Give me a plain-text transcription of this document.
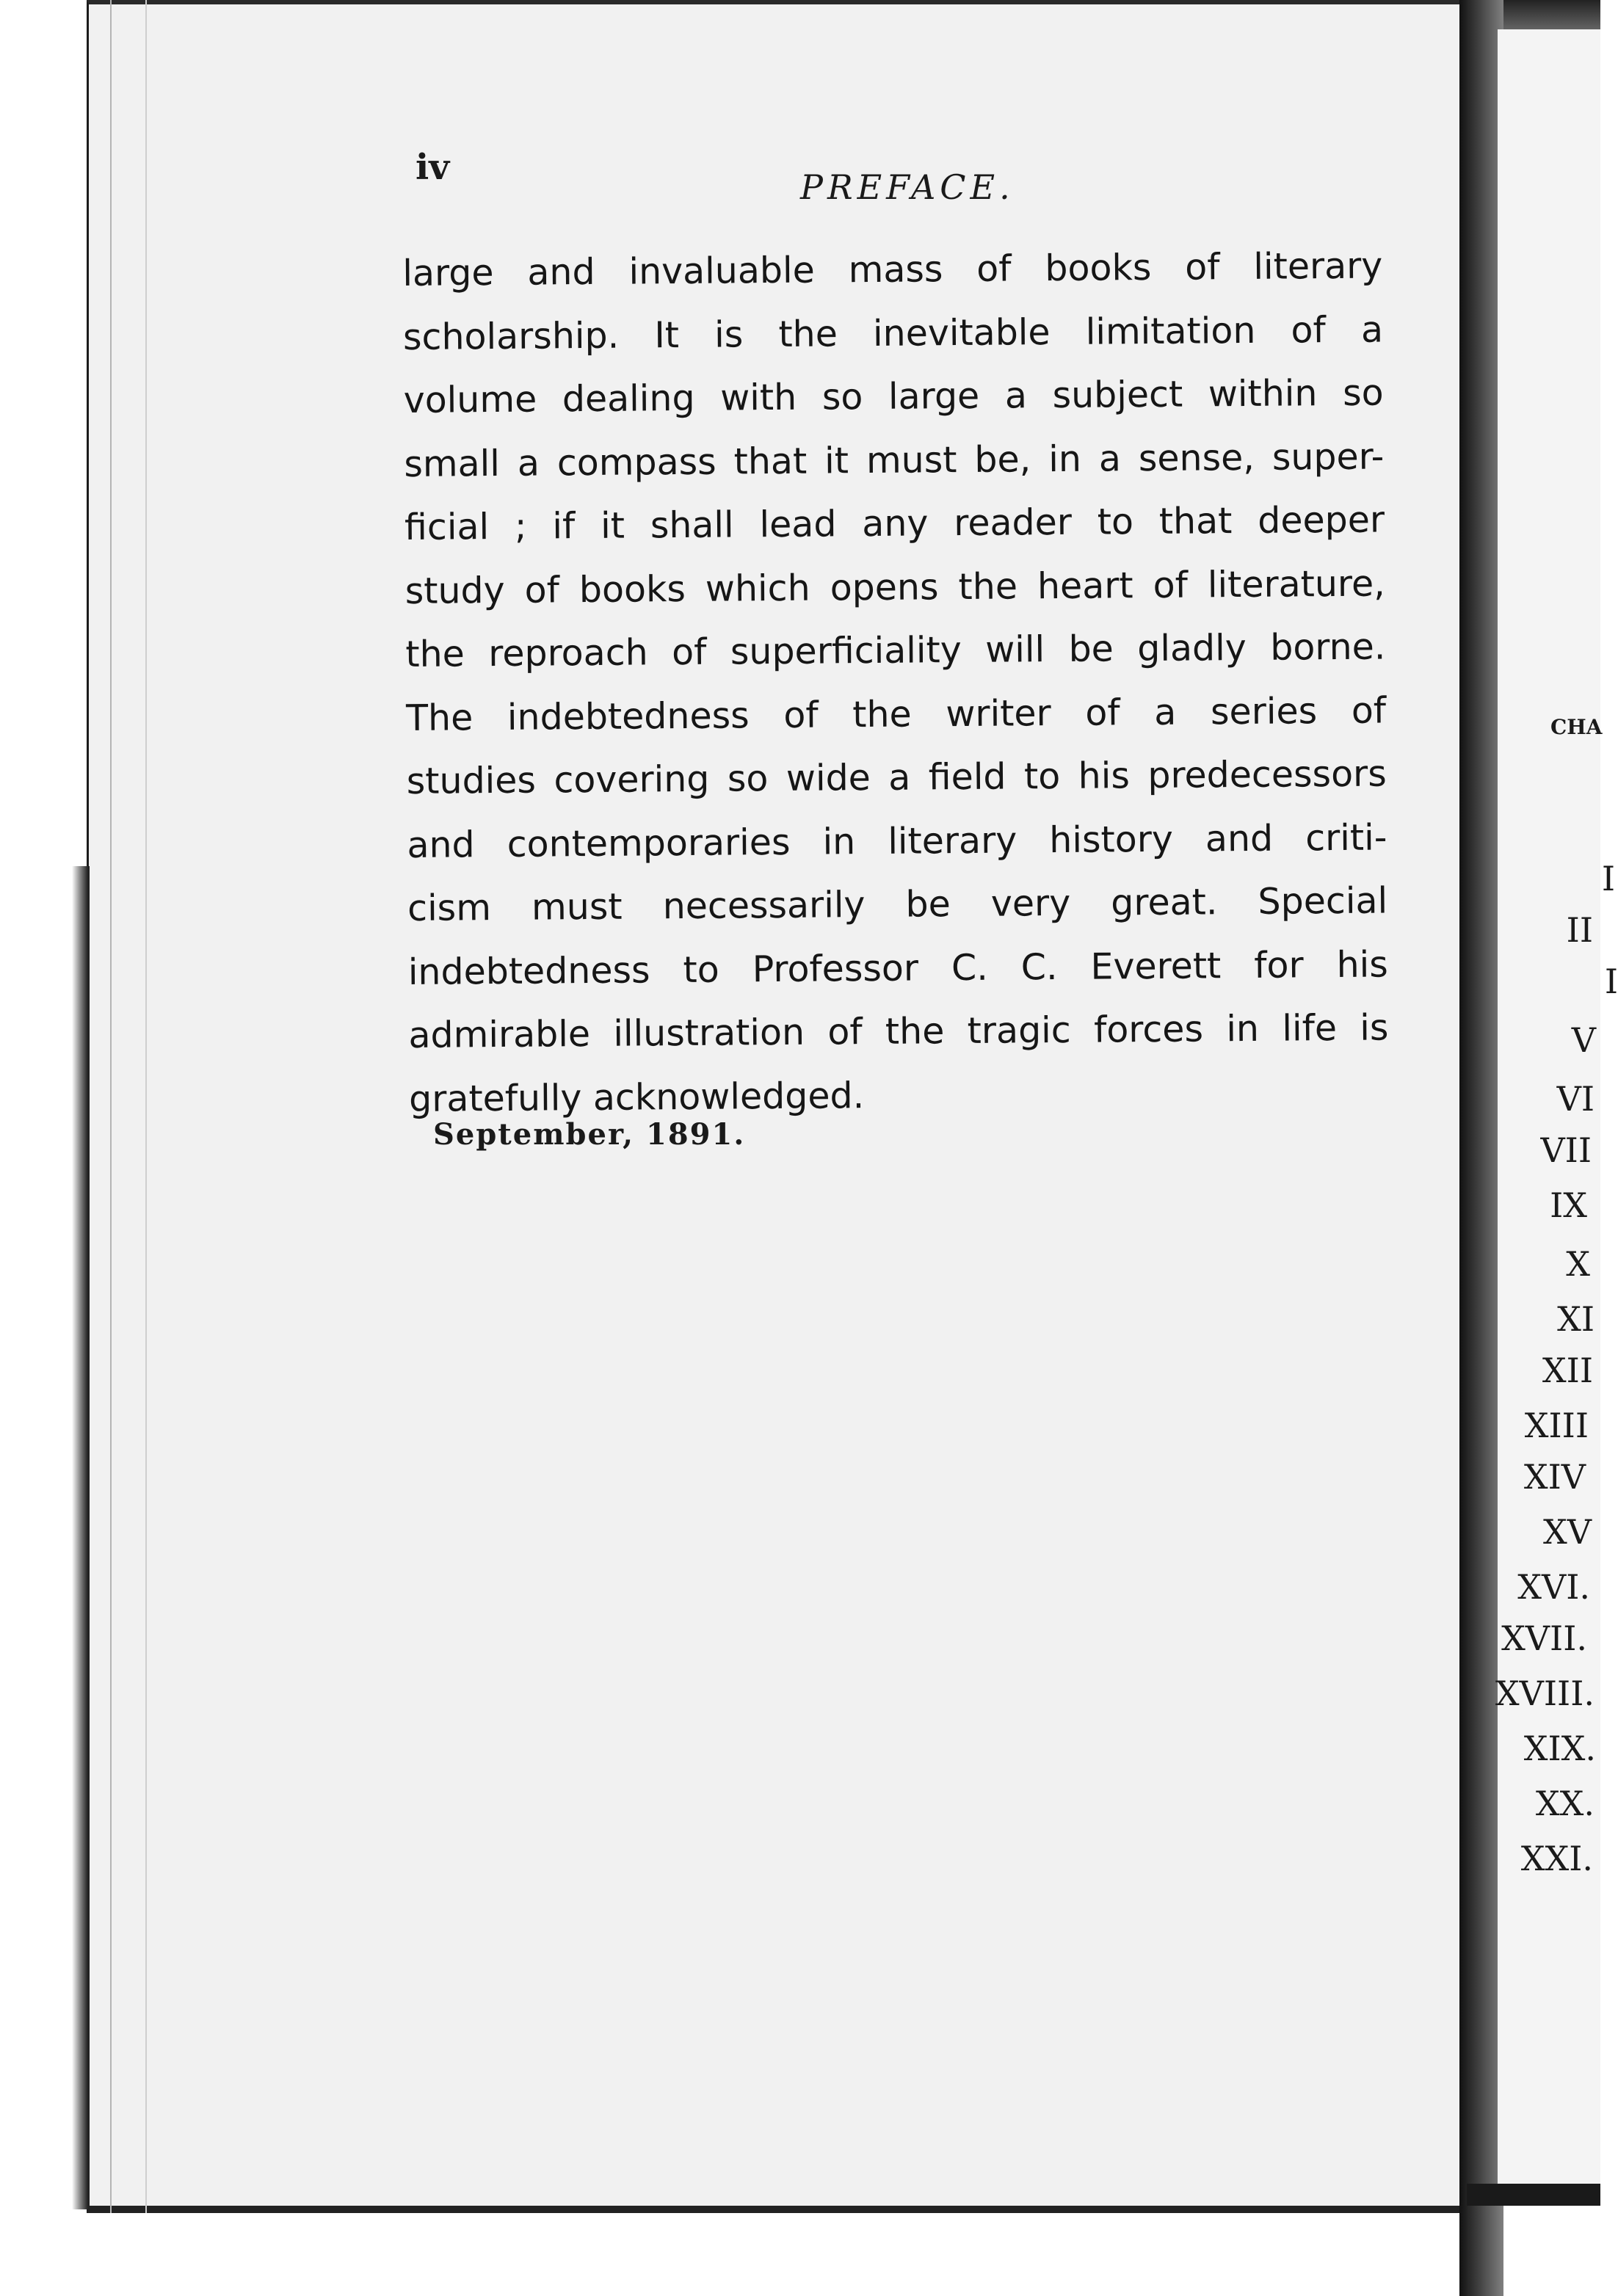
iv	PREFACE.
large and invaluable mass of books of literary
scholarship. It is the inevitable limitation of a
volume dealing with so large a subject within so
small a compass that it must be, in a sense, super-
ficial ; if it shall lead any reader to that deeper
study of books which opens the heart of literature,
the reproach of superficiality will be gladly borne.
The indebtedness of the writer of a series of
studies covering so wide a field to his predecessors
and contemporaries in literary history and criti-
cism must necessarily be very great. Special
indebtedness to Professor C. C. Everett for his
admirable illustration of the tragic forces in life is
gratefully acknowledged.
September, 1891.
CHA
I
II
I
V
VI
VII
IX
X
XI
XII
XIII
XIV
XV
XVI.
XVII.
XVIII.
XIX.
XX.
XXI.
